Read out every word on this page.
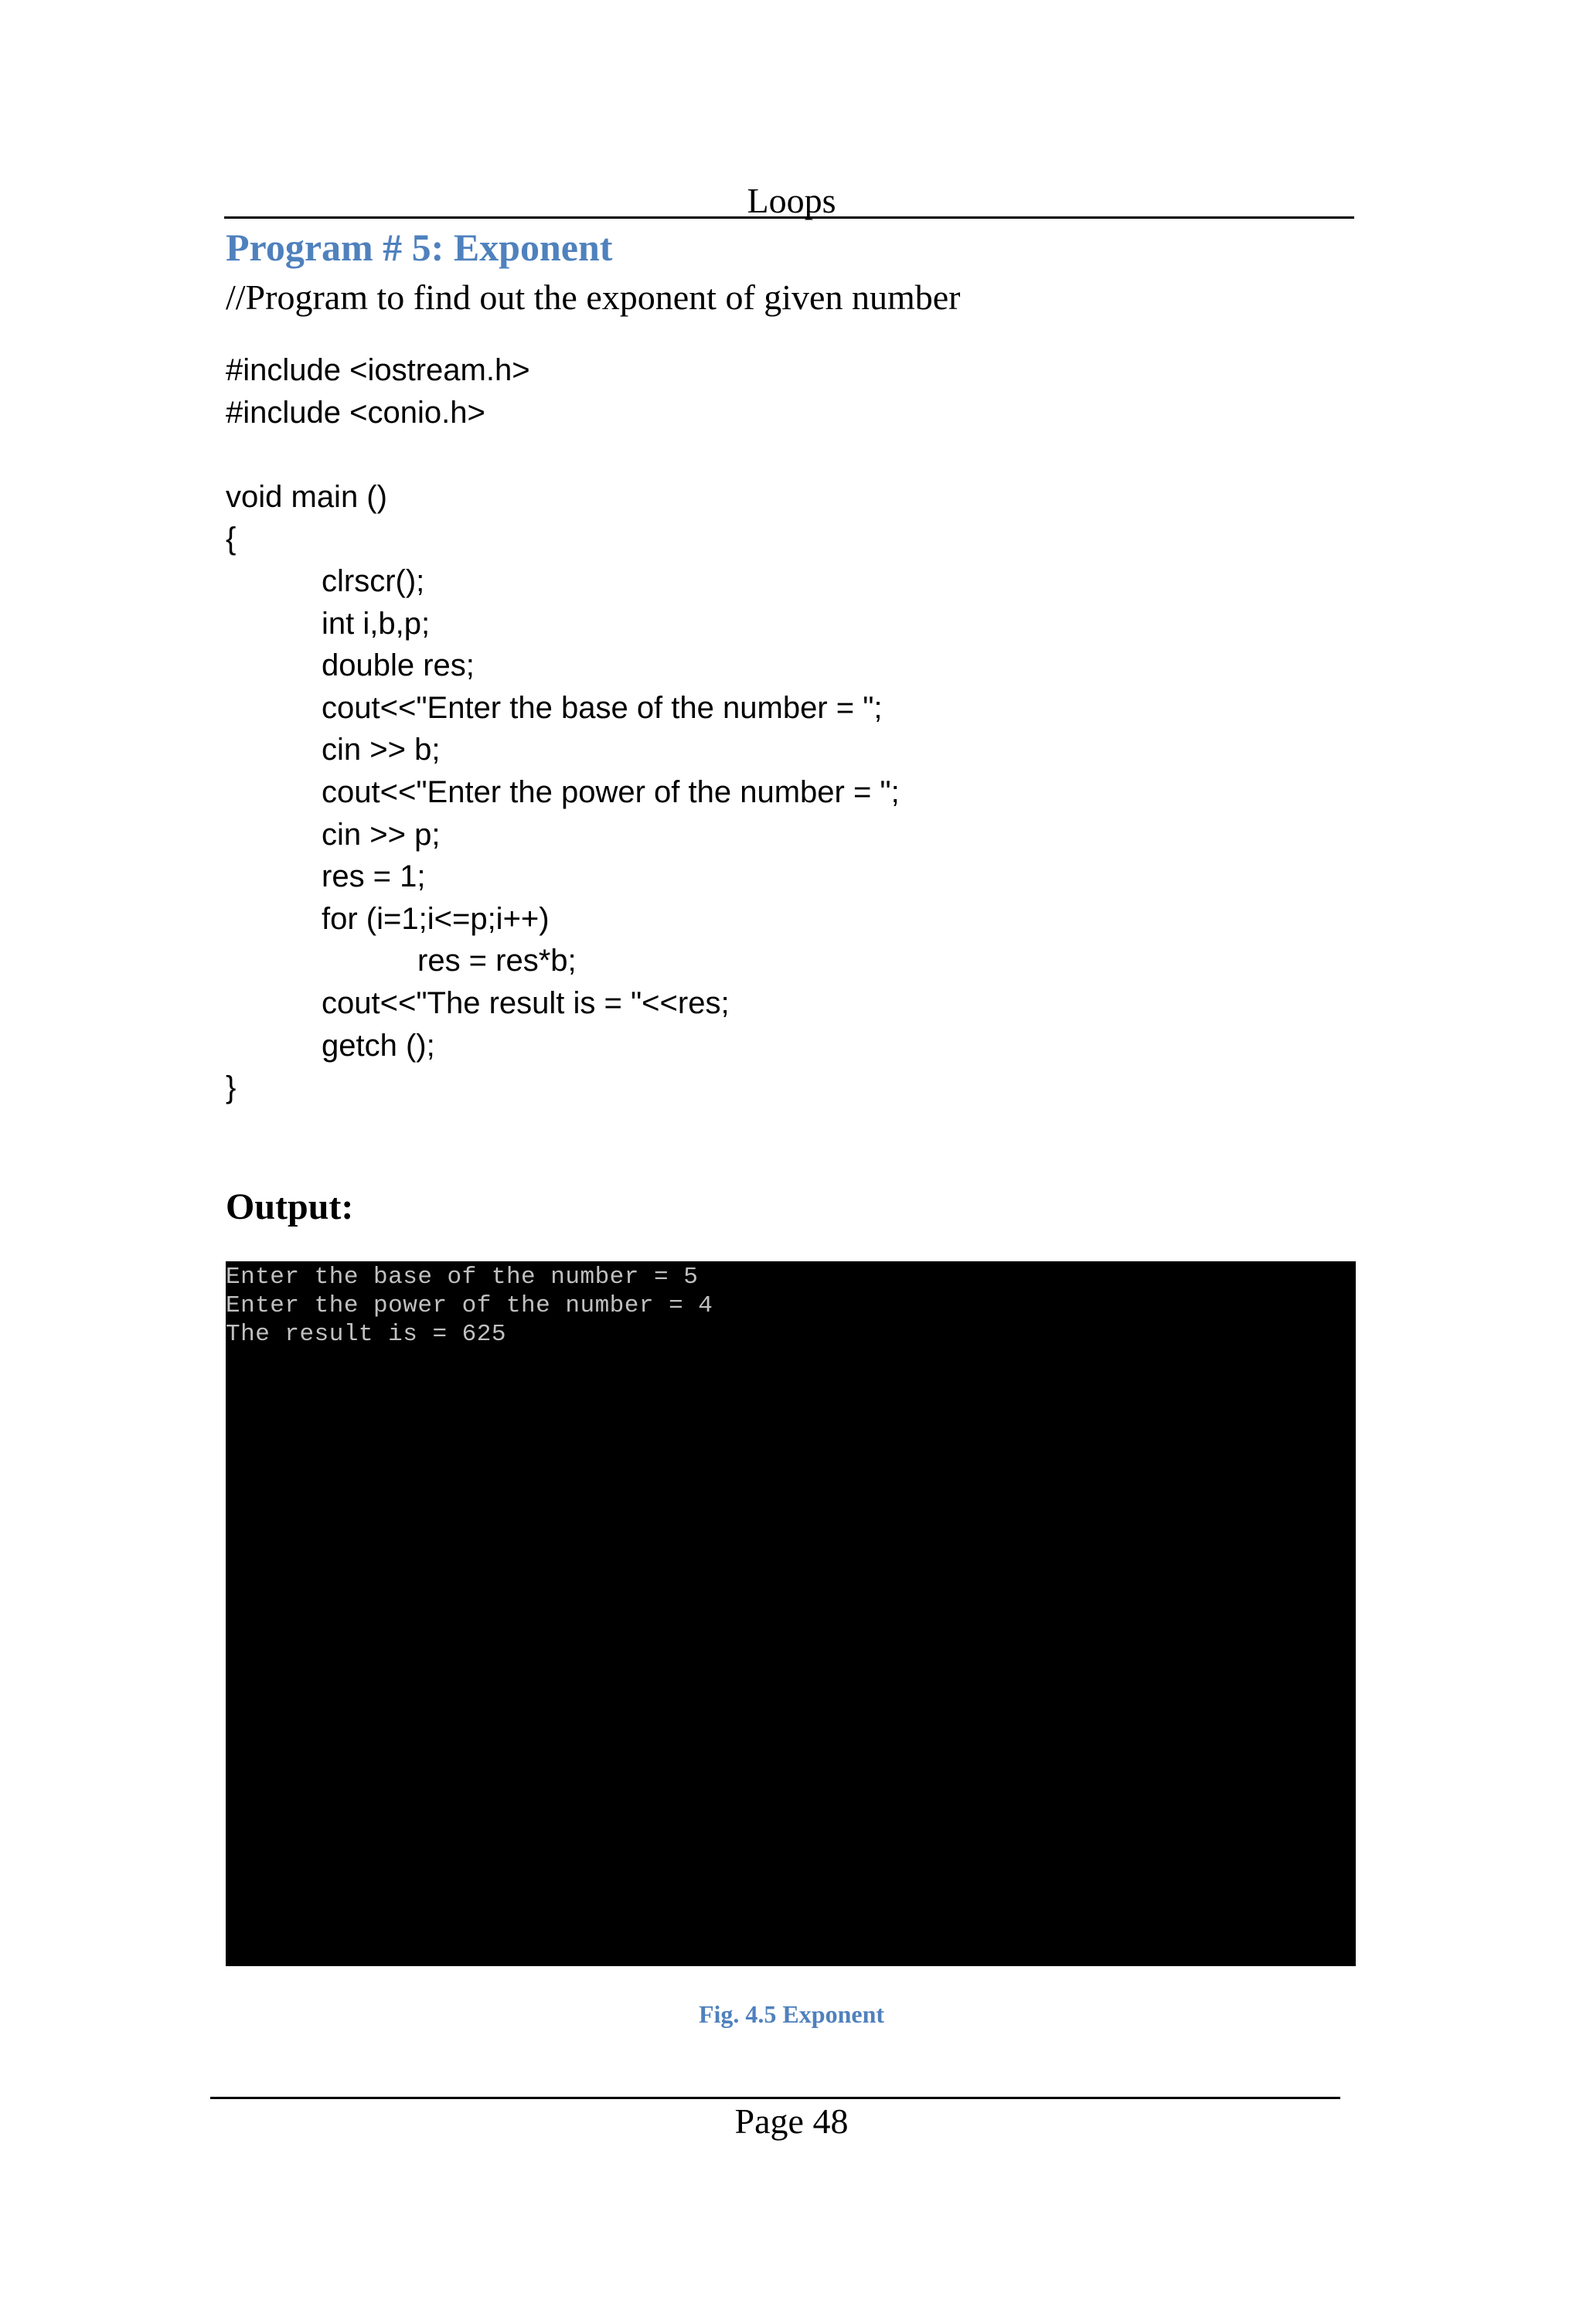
Loops
Program # 5: Exponent
//Program to find out the exponent of given number
#include <iostream.h>
#include <conio.h>
void main ()
{
clrscr();
int i,b,p;
double res;
cout<<"Enter the base of the number = ";
cin >> b;
cout<<"Enter the power of the number = ";
cin >> p;
res = 1;
for (i=1;i<=p;i++)
res = res*b;
cout<<"The result is = "<<res;
getch ();
}
Output:
Enter the base of the number = 5
Enter the power of the number = 4
The result is = 625
Fig. 4.5 Exponent
Page 48
